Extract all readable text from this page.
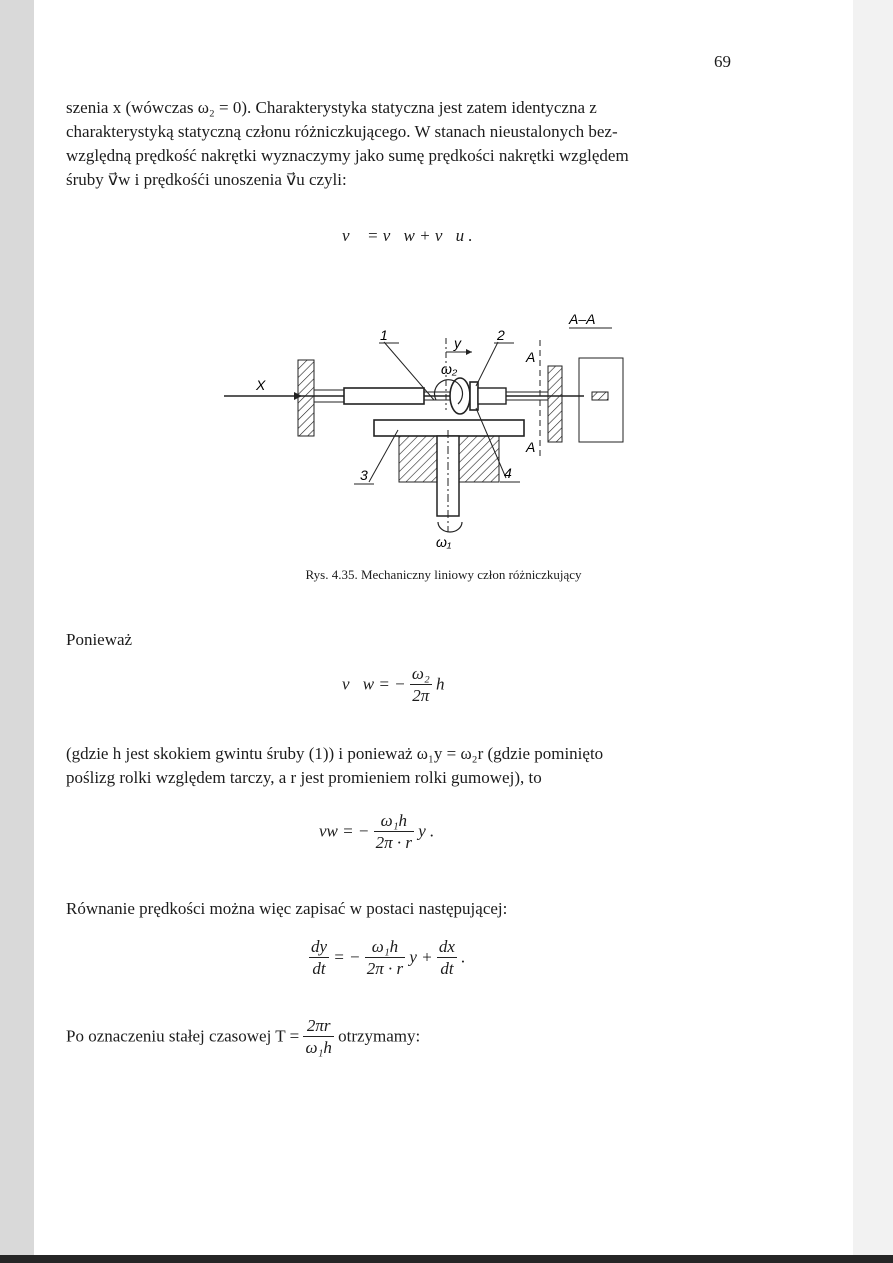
69
szenia x (wówczas ω₂ = 0). Charakterystyka statyczna jest zatem identyczna z
charakterystyką statyczną członu różniczkującego. W stanach nieustalonych bez-
względną prędkość nakrętki wyznaczymy jako sumę prędkości nakrętki względem
śruby v⃗w i prędkośći unoszenia v⃗u czyli:
v⃗ = v⃗w + v⃗u .
X
1	2
3	4
y
ω₂
ω₁
A
A
A–A
Rys. 4.35. Mechaniczny liniowy człon różniczkujący
Ponieważ
v⃗w = − $\frac{\text{ω₂}}{2\pi}$ h
(gdzie h jest skokiem gwintu śruby (1)) i ponieważ ω₁y = ω₂r (gdzie pominięto
poślizg rolki względem tarczy, a r jest promieniem rolki gumowej), to
vw = − $\frac{\text{ω₁h}}{2\pi \cdot r}$ y .
Równanie prędkości można więc zapisać w postaci następującej:
$\frac{dy}{dt}$ = − $\frac{\text{ω₁h}}{2\pi \cdot r}$ $y + \frac{dx}{dt}$ .
Po oznaczeniu stałej czasowej $T = \frac{2\pi r}{\text{ω₁h}}$ otrzymamy:
